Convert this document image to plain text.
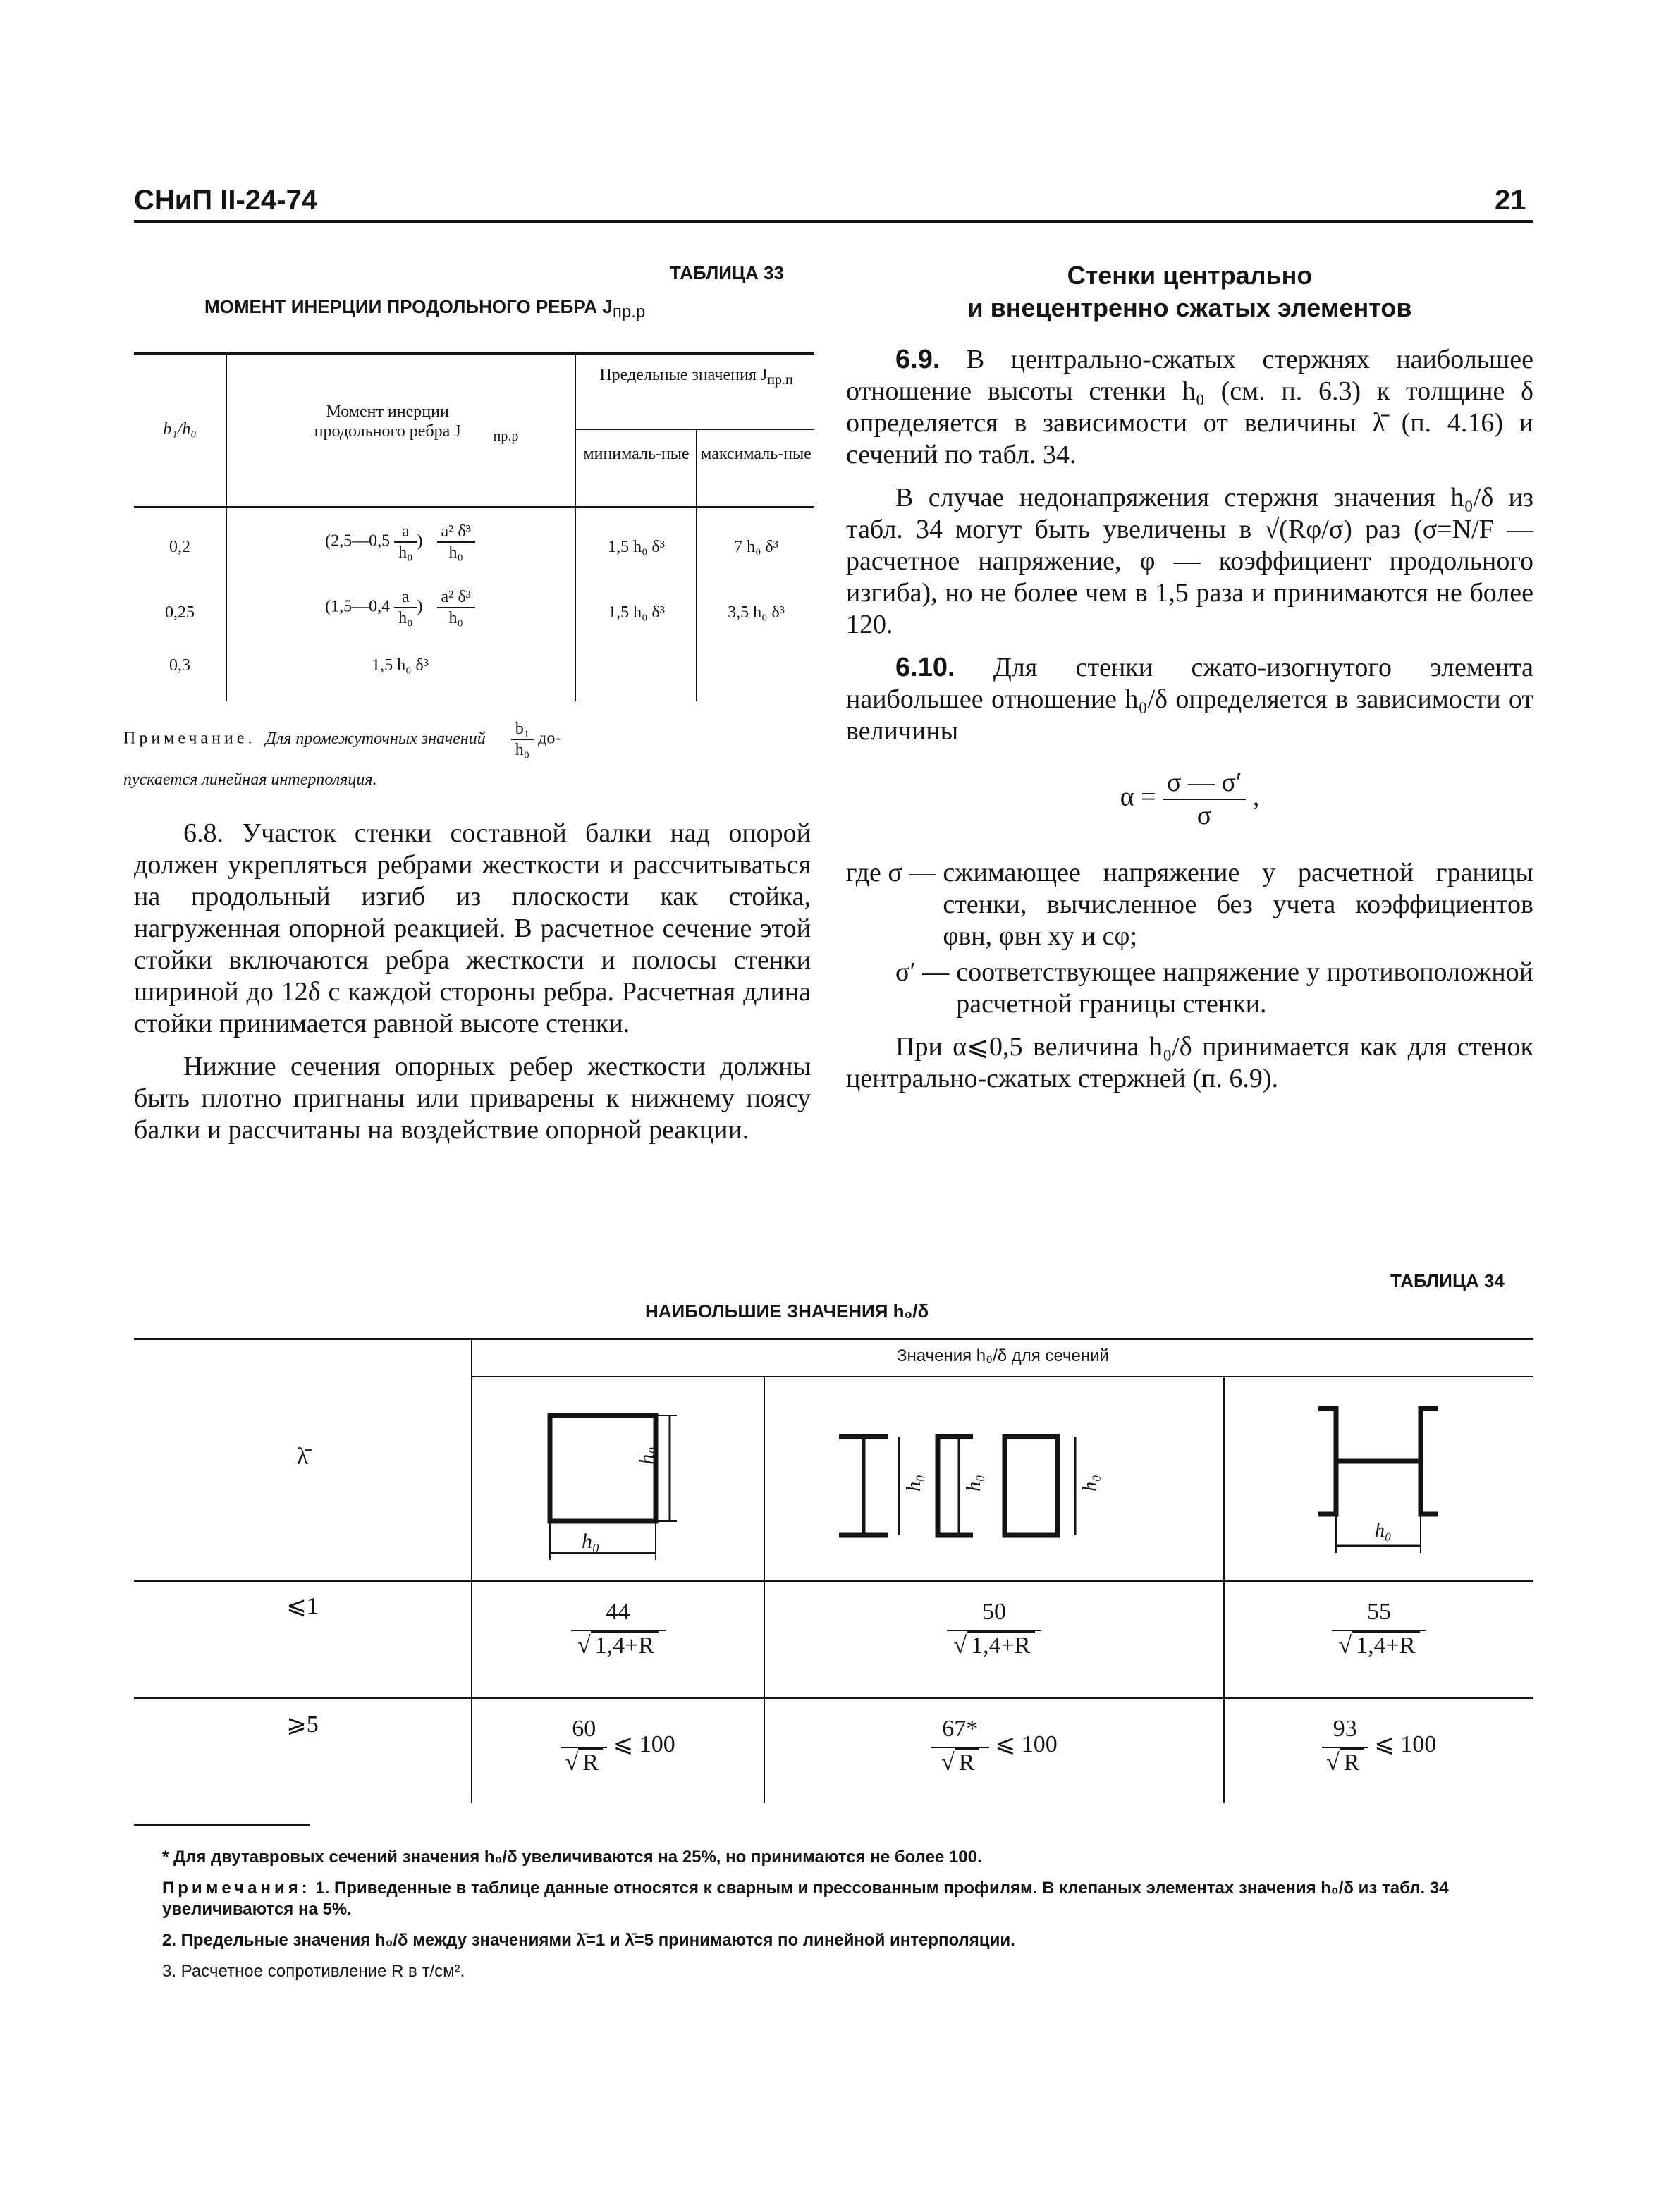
СНиП II-24-74	21
ТАБЛИЦА 33
МОМЕНТ ИНЕРЦИИ ПРОДОЛЬНОГО РЕБРА $J_{пр.р}$
b₁/h₀
Момент инерции продольного ребра J $_{пр.р}$
Предельные значения $J_{пр.п}$
минималь-ные максималь-ные
0,2	(2,5—0,5 $\frac{a}{\text{h₀}}$ ) $\frac{\text{a² δ³}}{\text{h₀}}$	1,5 h₀ δ³	7 h₀ δ³
0,25	(1,5—0,4 $\frac{a}{\text{h₀}}$ ) $\frac{\text{a² δ³}}{\text{h₀}}$	1,5 h₀ δ³	3,5 h₀ δ³
0,3	1,5 h₀ δ³
Примечание. Для промежуточных значений $\frac{\text{b₁}}{\text{h₀}} до-$
пускается линейная интерполяция.

6.8. Участок стенки составной балки над опорой должен укрепляться ребрами жесткости и рассчитываться на продольный изгиб из плоскости как стойка, нагруженная опорной реакцией. В расчетное сечение этой стойки включаются ребра жесткости и полосы стенки шириной до 12δ с каждой стороны ребра. Расчетная длина стойки принимается равной высоте стенки.

Нижние сечения опорных ребер жесткости должны быть плотно пригнаны или приварены к нижнему поясу балки и рассчитаны на воздействие опорной реакции.

Стенки центрально
и внецентренно сжатых элементов

6.9. В центрально-сжатых стержнях наибольшее отношение высоты стенки h₀ (см. п. 6.3) к толщине δ определяется в зависимости от величины λ̄ (п. 4.16) и сечений по табл. 34.

В случае недонапряжения стержня значения h₀/δ из табл. 34 могут быть увеличены в √(Rφ/σ) раз (σ=N/F — расчетное напряжение, φ — коэффициент продольного изгиба), но не более чем в 1,5 раза и принимаются не более 120.

6.10. Для стенки сжато-изогнутого элемента наибольшее отношение h₀/δ определяется в зависимости от величины

$\alpha = \frac{\sigma — \sigma'}{\sigma}$ ,
где σ — сжимающее напряжение у расчетной границы стенки, вычисленное без учета коэффициентов φвн, φвн xy и cφ;
σ′ — соответствующее напряжение у противоположной расчетной границы стенки.

При α⩽0,5 величина h₀/δ принимается как для стенок центрально-сжатых стержней (п. 6.9).

ТАБЛИЦА 34
НАИБОЛЬШИЕ ЗНАЧЕНИЯ h₀/δ
λ̄
Значения h₀/δ для сечений
h₀
h₀
h₀ h₀	h₀
h₀
⩽1	$\frac{44}{√ 1,4+R}$	$\frac{50}{√ 1,4+R}$	$\frac{55}{√ 1,4+R}$
⩾5	$\frac{60}{√ R}$ ⩽ 100	$\frac{67*}{√ R}$ ⩽ 100	$\frac{93}{√ R}$ ⩽ 100
* Для двутавровых сечений значения h₀/δ увеличиваются на 25%, но принимаются не более 100.
Примечания: 1. Приведенные в таблице данные относятся к сварным и прессованным профилям. В клепаных элементах значения h₀/δ из табл. 34 увеличиваются на 5%.
2. Предельные значения h₀/δ между значениями λ̄=1 и λ̄=5 принимаются по линейной интерполяции.
3. Расчетное сопротивление R в т/см².
